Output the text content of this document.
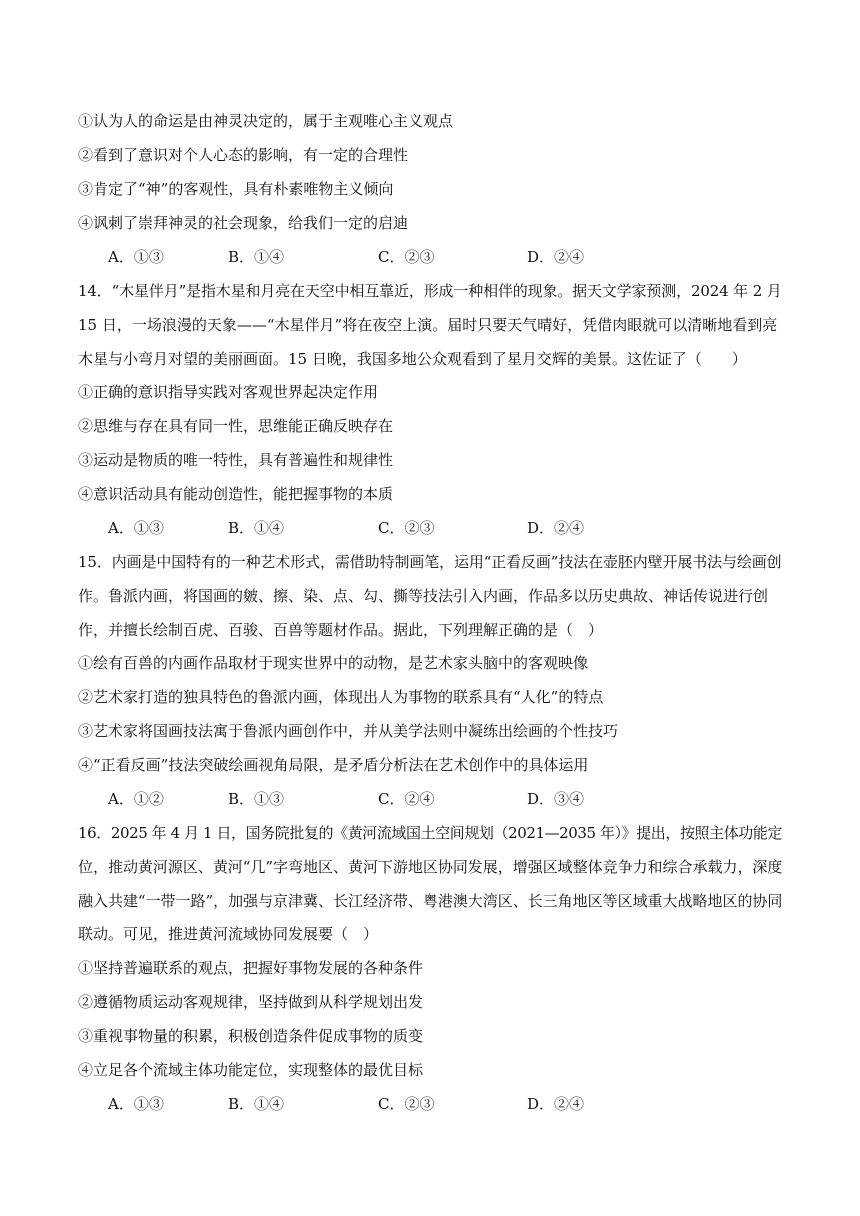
①认为人的命运是由神灵决定的，属于主观唯心主义观点
②看到了意识对个人心态的影响，有一定的合理性
③肯定了“神”的客观性，具有朴素唯物主义倾向
④讽刺了崇拜神灵的社会现象，给我们一定的启迪
A．①③	B．①④	C．②③	D．②④
14．“木星伴月”是指木星和月亮在天空中相互靠近，形成一种相伴的现象。据天文学家预测，2024 年 2 月
15 日，一场浪漫的天象——“木星伴月”将在夜空上演。届时只要天气晴好，凭借肉眼就可以清晰地看到亮
木星与小弯月对望的美丽画面。15 日晚，我国多地公众观看到了星月交辉的美景。这佐证了（　　）
①正确的意识指导实践对客观世界起决定作用
②思维与存在具有同一性，思维能正确反映存在
③运动是物质的唯一特性，具有普遍性和规律性
④意识活动具有能动创造性，能把握事物的本质
A．①③	B．①④	C．②③	D．②④
15．内画是中国特有的一种艺术形式，需借助特制画笔，运用“正看反画”技法在壶胚内壁开展书法与绘画创
作。鲁派内画，将国画的皴、擦、染、点、勾、撕等技法引入内画，作品多以历史典故、神话传说进行创
作，并擅长绘制百虎、百骏、百兽等题材作品。据此，下列理解正确的是（　）
①绘有百兽的内画作品取材于现实世界中的动物，是艺术家头脑中的客观映像
②艺术家打造的独具特色的鲁派内画，体现出人为事物的联系具有“人化”的特点
③艺术家将国画技法寓于鲁派内画创作中，并从美学法则中凝练出绘画的个性技巧
④“正看反画”技法突破绘画视角局限，是矛盾分析法在艺术创作中的具体运用
A．①②	B．①③	C．②④	D．③④
16．2025 年 4 月 1 日，国务院批复的《黄河流域国土空间规划（2021—2035 年）》提出，按照主体功能定
位，推动黄河源区、黄河“几”字弯地区、黄河下游地区协同发展，增强区域整体竞争力和综合承载力，深度
融入共建“一带一路”，加强与京津冀、长江经济带、粤港澳大湾区、长三角地区等区域重大战略地区的协同
联动。可见，推进黄河流域协同发展要（　）
①坚持普遍联系的观点，把握好事物发展的各种条件
②遵循物质运动客观规律，坚持做到从科学规划出发
③重视事物量的积累，积极创造条件促成事物的质变
④立足各个流域主体功能定位，实现整体的最优目标
A．①③	B．①④	C．②③	D．②④
